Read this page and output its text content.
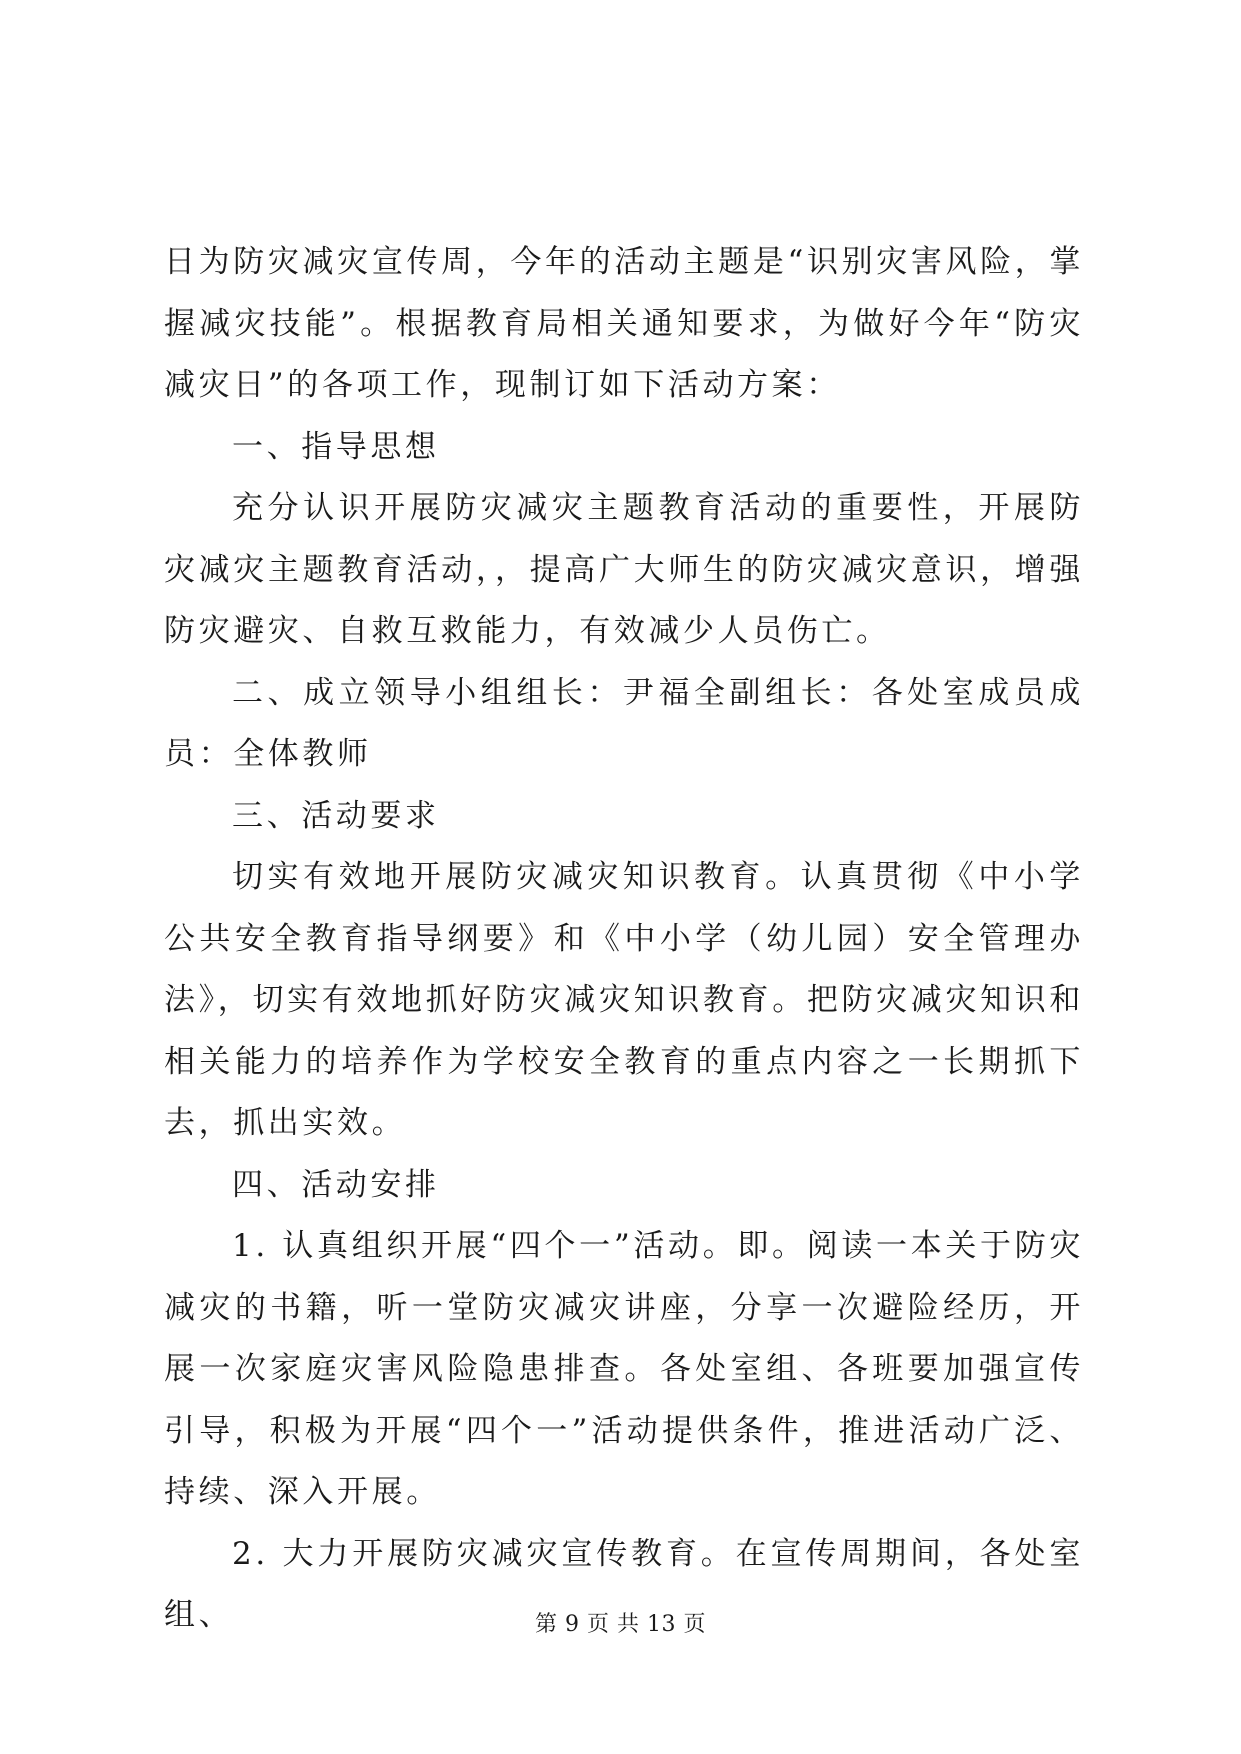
日为防灾减灾宣传周，今年的活动主题是“识别灾害风险，掌握减灾技能”。根据教育局相关通知要求，为做好今年“防灾减灾日”的各项工作，现制订如下活动方案：

一、指导思想

充分认识开展防灾减灾主题教育活动的重要性，开展防灾减灾主题教育活动，，提高广大师生的防灾减灾意识，增强防灾避灾、自救互救能力，有效减少人员伤亡。

二、成立领导小组组长：尹福全副组长：各处室成员成员：全体教师

三、活动要求

切实有效地开展防灾减灾知识教育。认真贯彻《中小学公共安全教育指导纲要》和《中小学（幼儿园）安全管理办法》，切实有效地抓好防灾减灾知识教育。把防灾减灾知识和相关能力的培养作为学校安全教育的重点内容之一长期抓下去，抓出实效。

四、活动安排

1. 认真组织开展“四个一”活动。即。阅读一本关于防灾减灾的书籍，听一堂防灾减灾讲座，分享一次避险经历，开展一次家庭灾害风险隐患排查。各处室组、各班要加强宣传引导，积极为开展“四个一”活动提供条件，推进活动广泛、持续、深入开展。

2. 大力开展防灾减灾宣传教育。在宣传周期间，各处室组、	第 9 页 共 13 页
